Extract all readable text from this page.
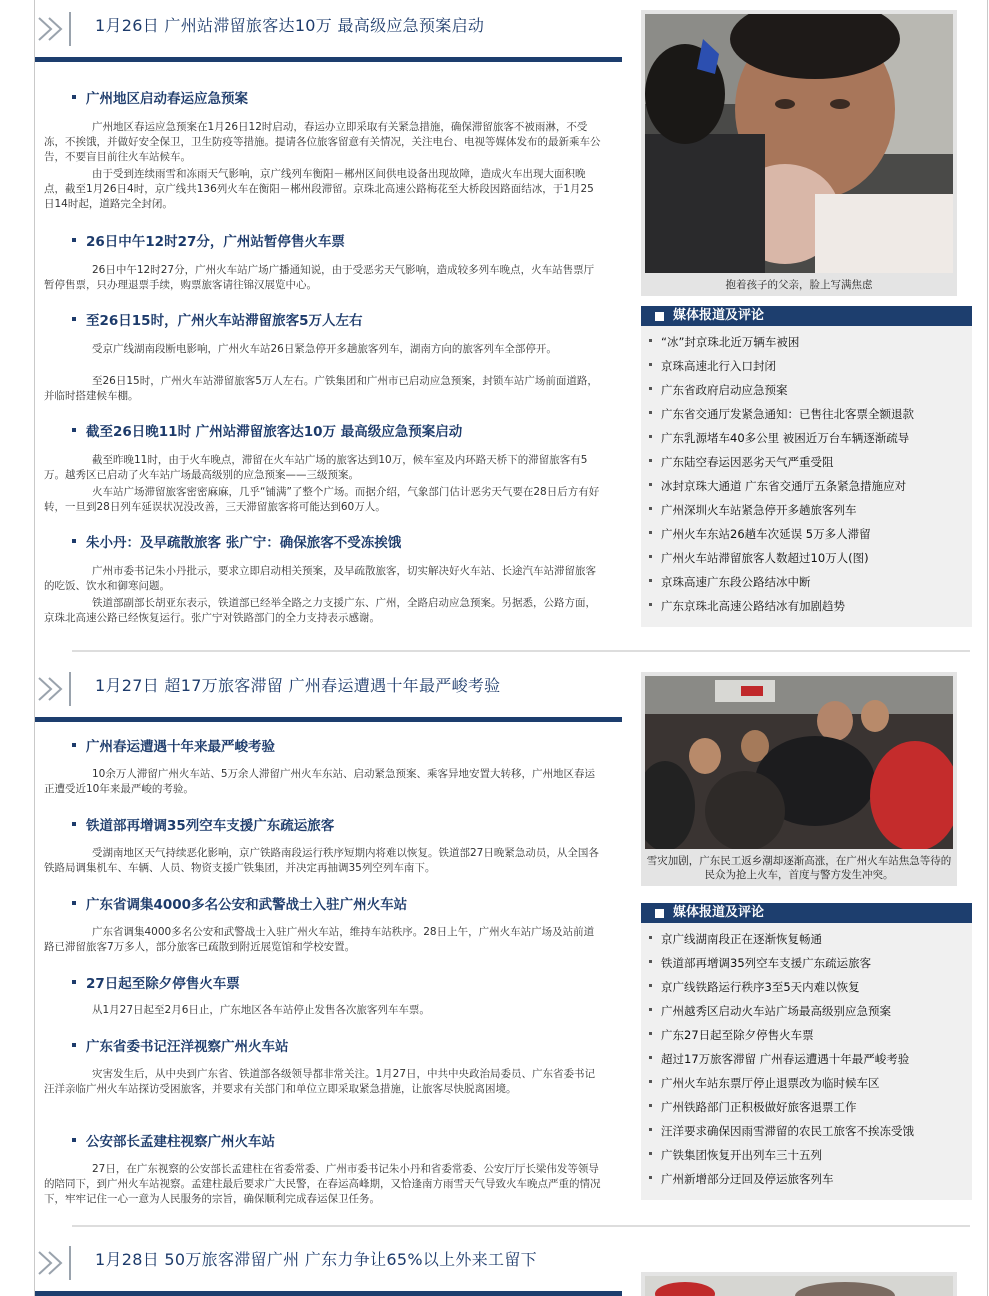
1月26日 广州站滞留旅客达10万 最高级应急预案启动
广州地区启动春运应急预案

广州地区春运应急预案在1月26日12时启动，春运办立即采取有关紧急措施，确保滞留旅客不被雨淋，不受冻，不挨饿，并做好安全保卫，卫生防疫等措施。提请各位旅客留意有关情况，关注电台、电视等媒体发布的最新乘车公告，不要盲目前往火车站候车。

由于受到连续雨雪和冻雨天气影响，京广线列车衡阳－郴州区间供电设备出现故障，造成火车出现大面积晚点，截至1月26日4时，京广线共136列火车在衡阳－郴州段滞留。京珠北高速公路梅花至大桥段因路面结冰，于1月25日14时起，道路完全封闭。

26日中午12时27分，广州站暂停售火车票

26日中午12时27分，广州火车站广场广播通知说，由于受恶劣天气影响，造成较多列车晚点，火车站售票厅暂停售票，只办理退票手续，购票旅客请往锦汉展览中心。

至26日15时，广州火车站滞留旅客5万人左右

受京广线湖南段断电影响，广州火车站26日紧急停开多趟旅客列车，湖南方向的旅客列车全部停开。

至26日15时，广州火车站滞留旅客5万人左右。广铁集团和广州市已启动应急预案，封锁车站广场前面道路，并临时搭建候车棚。

截至26日晚11时 广州站滞留旅客达10万 最高级应急预案启动

截至昨晚11时，由于火车晚点，滞留在火车站广场的旅客达到10万，候车室及内环路天桥下的滞留旅客有5万。越秀区已启动了火车站广场最高级别的应急预案——三级预案。

火车站广场滞留旅客密密麻麻，几乎“铺满”了整个广场。而据介绍，气象部门估计恶劣天气要在28日后方有好转，一旦到28日列车延误状况没改善，三天滞留旅客将可能达到60万人。

朱小丹：及早疏散旅客 张广宁：确保旅客不受冻挨饿

广州市委书记朱小丹批示，要求立即启动相关预案，及早疏散旅客，切实解决好火车站、长途汽车站滞留旅客的吃饭、饮水和御寒问题。

铁道部副部长胡亚东表示，铁道部已经举全路之力支援广东、广州，全路启动应急预案。另据悉，公路方面，京珠北高速公路已经恢复运行。张广宁对铁路部门的全力支持表示感谢。

抱着孩子的父亲，脸上写满焦虑
媒体报道及评论
“冰”封京珠北近万辆车被困
京珠高速北行入口封闭
广东省政府启动应急预案
广东省交通厅发紧急通知：已售往北客票全额退款
广东乳源堵车40多公里 被困近万台车辆逐渐疏导
广东陆空春运因恶劣天气严重受阻
冰封京珠大通道 广东省交通厅五条紧急措施应对
广州深圳火车站紧急停开多趟旅客列车
广州火车东站26趟车次延误 5万多人滞留
广州火车站滞留旅客人数超过10万人(图)
京珠高速广东段公路结冰中断
广东京珠北高速公路结冰有加剧趋势
1月27日 超17万旅客滞留 广州春运遭遇十年最严峻考验
广州春运遭遇十年来最严峻考验

10余万人滞留广州火车站、5万余人滞留广州火车东站、启动紧急预案、乘客异地安置大转移，广州地区春运正遭受近10年来最严峻的考验。

铁道部再增调35列空车支援广东疏运旅客

受湖南地区天气持续恶化影响，京广铁路南段运行秩序短期内将难以恢复。铁道部27日晚紧急动员，从全国各铁路局调集机车、车辆、人员、物资支援广铁集团，并决定再抽调35列空列车南下。

广东省调集4000多名公安和武警战士入驻广州火车站

广东省调集4000多名公安和武警战士入驻广州火车站，维持车站秩序。28日上午，广州火车站广场及站前道路已滞留旅客7万多人，部分旅客已疏散到附近展览馆和学校安置。

27日起至除夕停售火车票

从1月27日起至2月6日止，广东地区各车站停止发售各次旅客列车车票。

广东省委书记汪洋视察广州火车站

灾害发生后，从中央到广东省、铁道部各级领导都非常关注。1月27日，中共中央政治局委员、广东省委书记汪洋亲临广州火车站探访受困旅客，并要求有关部门和单位立即采取紧急措施，让旅客尽快脱离困境。

公安部长孟建柱视察广州火车站

27日，在广东视察的公安部长孟建柱在省委常委、广州市委书记朱小丹和省委常委、公安厅厅长梁伟发等领导的陪同下，到广州火车站视察。孟建柱最后要求广大民警，在春运高峰期，又恰逢南方雨雪天气导致火车晚点严重的情况下，牢牢记住一心一意为人民服务的宗旨，确保顺利完成春运保卫任务。

雪灾加剧，广东民工返乡潮却逐渐高涨，在广州火车站焦急等待的民众为抢上火车，首度与警方发生冲突。
媒体报道及评论
京广线湖南段正在逐渐恢复畅通
铁道部再增调35列空车支援广东疏运旅客
京广线铁路运行秩序3至5天内难以恢复
广州越秀区启动火车站广场最高级别应急预案
广东27日起至除夕停售火车票
超过17万旅客滞留 广州春运遭遇十年最严峻考验
广州火车站东票厅停止退票改为临时候车区
广州铁路部门正积极做好旅客退票工作
汪洋要求确保因雨雪滞留的农民工旅客不挨冻受饿
广铁集团恢复开出列车三十五列
广州新增部分迂回及停运旅客列车
1月28日 50万旅客滞留广州 广东力争让65%以上外来工留下
